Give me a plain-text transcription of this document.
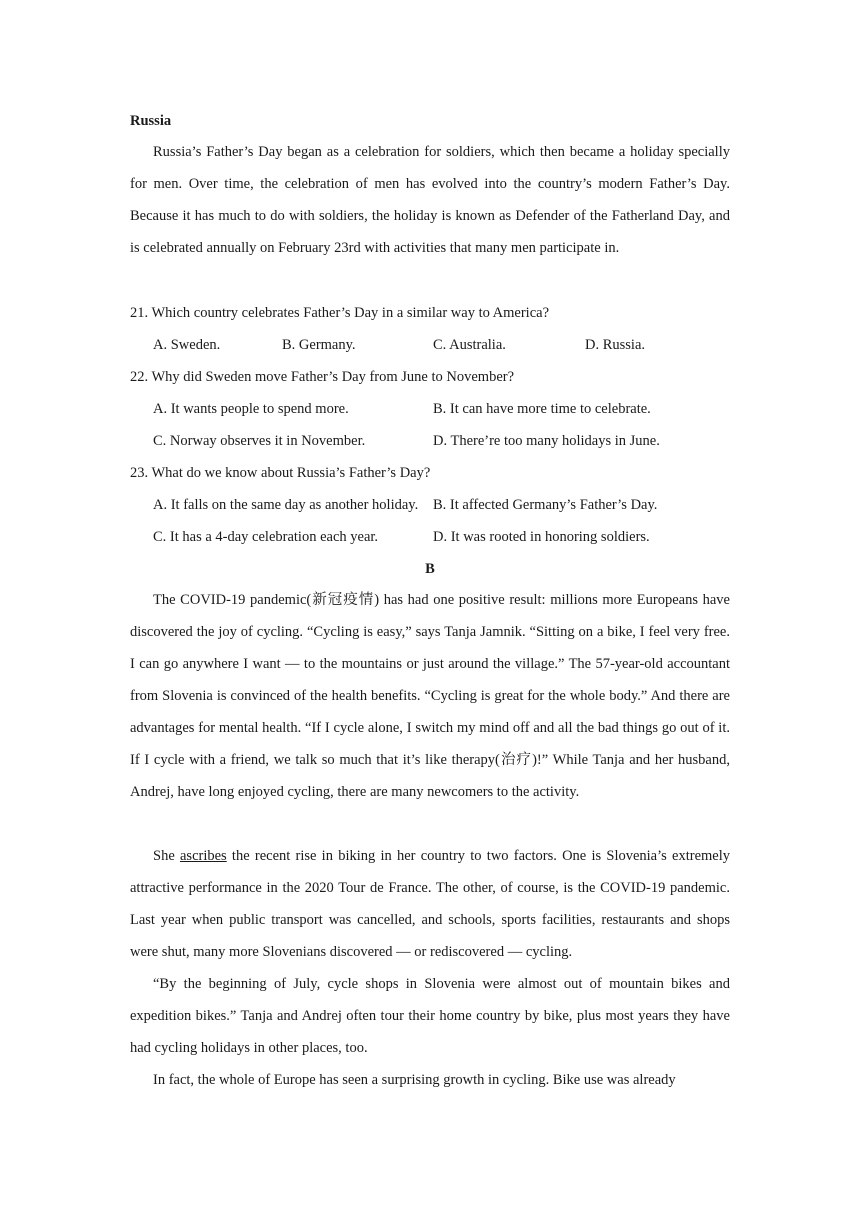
Russia
Russia’s Father’s Day began as a celebration for soldiers, which then became a holiday specially for men. Over time, the celebration of men has evolved into the country’s modern Father’s Day. Because it has much to do with soldiers, the holiday is known as Defender of the Fatherland Day, and is celebrated annually on February 23rd with activities that many men participate in.
21. Which country celebrates Father’s Day in a similar way to America?
A. Sweden.	B. Germany.	C. Australia.	D. Russia.
22. Why did Sweden move Father’s Day from June to November?
A. It wants people to spend more.	B. It can have more time to celebrate.
C. Norway observes it in November.	D. There’re too many holidays in June.
23. What do we know about Russia’s Father’s Day?
A. It falls on the same day as another holiday. B. It affected Germany’s Father’s Day.
C. It has a 4-day celebration each year.	D. It was rooted in honoring soldiers.
B
The COVID-19 pandemic(新冠疫情) has had one positive result: millions more Europeans have discovered the joy of cycling. “Cycling is easy,” says Tanja Jamnik. “Sitting on a bike, I feel very free. I can go anywhere I want — to the mountains or just around the village.” The 57-year-old accountant from Slovenia is convinced of the health benefits. “Cycling is great for the whole body.” And there are advantages for mental health. “If I cycle alone, I switch my mind off and all the bad things go out of it. If I cycle with a friend, we talk so much that it’s like therapy(治疗)!” While Tanja and her husband, Andrej, have long enjoyed cycling, there are many newcomers to the activity.
She ascribes the recent rise in biking in her country to two factors. One is Slovenia’s extremely attractive performance in the 2020 Tour de France. The other, of course, is the COVID-19 pandemic. Last year when public transport was cancelled, and schools, sports facilities, restaurants and shops were shut, many more Slovenians discovered — or rediscovered — cycling.
“By the beginning of July, cycle shops in Slovenia were almost out of mountain bikes and expedition bikes.” Tanja and Andrej often tour their home country by bike, plus most years they have had cycling holidays in other places, too.
In fact, the whole of Europe has seen a surprising growth in cycling. Bike use was already
